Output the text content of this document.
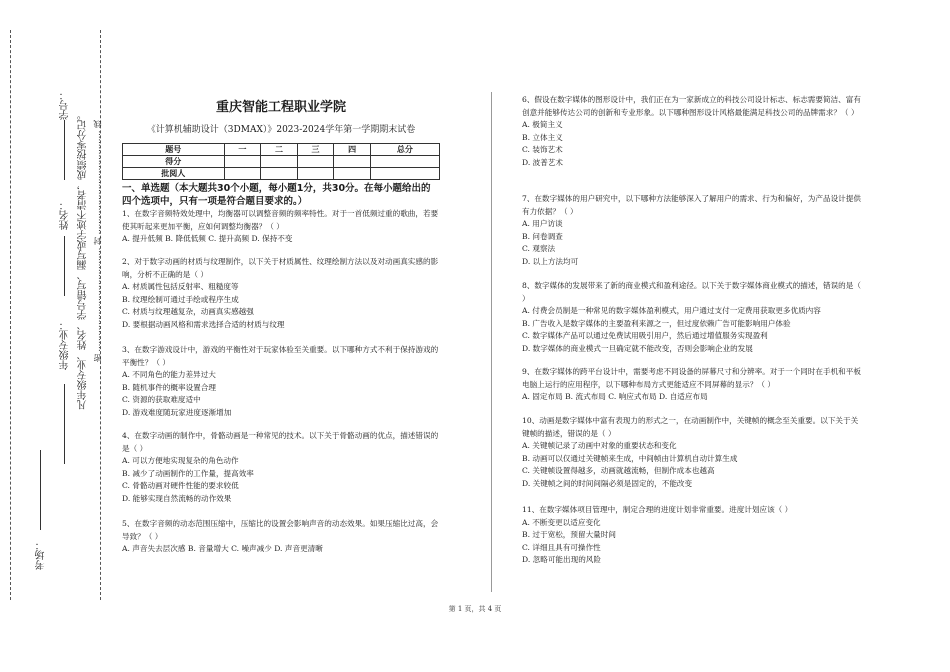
考场：
学号：
姓名：
年级专业： 凡年级专业、姓名、学号错写、漏写或字迹不清者，成绩按零分记。 密 ………………………………… 封 ………………………………… 线
重庆智能工程职业学院
《计算机辅助设计（3DMAX）》2023-2024学年第一学期期末试卷
题号	一	二	三	四	总分
得分					
批阅人					
一、单选题（本大题共30个小题，每小题1分，共30分。在每小题给出的四个选项中，只有一项是符合题目要求的。）
1、在数字音频特效处理中，均衡器可以调整音频的频率特性。对于一首低频过重的歌曲，若要使其听起来更加平衡，应如何调整均衡器？（ ）
A. 提升低频 B. 降低低频 C. 提升高频 D. 保持不变
2、对于数字动画的材质与纹理制作，以下关于材质属性、纹理绘制方法以及对动画真实感的影响，分析不正确的是（ ）
A. 材质属性包括反射率、粗糙度等
B. 纹理绘制可通过手绘或程序生成
C. 材质与纹理越复杂，动画真实感越强
D. 要根据动画风格和需求选择合适的材质与纹理
3、在数字游戏设计中，游戏的平衡性对于玩家体验至关重要。以下哪种方式不利于保持游戏的平衡性？（ ）
A. 不同角色的能力差异过大
B. 随机事件的概率设置合理
C. 资源的获取难度适中
D. 游戏难度随玩家进度逐渐增加
4、在数字动画的制作中，骨骼动画是一种常见的技术。以下关于骨骼动画的优点，描述错误的是（ ）
A. 可以方便地实现复杂的角色动作
B. 减少了动画制作的工作量，提高效率
C. 骨骼动画对硬件性能的要求较低
D. 能够实现自然流畅的动作效果
5、在数字音频的动态范围压缩中，压缩比的设置会影响声音的动态效果。如果压缩比过高，会导致？（ ）
A. 声音失去层次感 B. 音量增大 C. 噪声减少 D. 声音更清晰
6、假设在数字媒体的图形设计中，我们正在为一家新成立的科技公司设计标志、标志需要简洁、富有创意并能够传达公司的创新和专业形象。以下哪种图形设计风格最能满足科技公司的品牌需求？（ ）
A. 极简主义
B. 立体主义
C. 装饰艺术
D. 波普艺术
7、在数字媒体的用户研究中，以下哪种方法能够深入了解用户的需求、行为和偏好，为产品设计提供有力依据？（ ）
A. 用户访谈
B. 问卷调查
C. 观察法
D. 以上方法均可
8、数字媒体的发展带来了新的商业模式和盈利途径。以下关于数字媒体商业模式的描述，错误的是（ ）
A. 付费会员制是一种常见的数字媒体盈利模式，用户通过支付一定费用获取更多优质内容
B. 广告收入是数字媒体的主要盈利来源之一，但过度依赖广告可能影响用户体验
C. 数字媒体产品可以通过免费试用吸引用户，然后通过增值服务实现盈利
D. 数字媒体的商业模式一旦确定就不能改变，否则会影响企业的发展
9、在数字媒体的跨平台设计中，需要考虑不同设备的屏幕尺寸和分辨率。对于一个同时在手机和平板电脑上运行的应用程序，以下哪种布局方式更能适应不同屏幕的显示？（ ）
A. 固定布局 B. 流式布局 C. 响应式布局 D. 自适应布局
10、动画是数字媒体中富有表现力的形式之一，在动画制作中，关键帧的概念至关重要。以下关于关键帧的描述，错误的是（ ）
A. 关键帧记录了动画中对象的重要状态和变化
B. 动画可以仅通过关键帧来生成，中间帧由计算机自动计算生成
C. 关键帧设置得越多，动画就越流畅，但制作成本也越高
D. 关键帧之间的时间间隔必须是固定的，不能改变
11、在数字媒体项目管理中，制定合理的进度计划非常重要。进度计划应该（ ）
A. 不断变更以适应变化
B. 过于宽松，预留大量时间
C. 详细且具有可操作性
D. 忽略可能出现的风险
第 1 页，共 4 页
